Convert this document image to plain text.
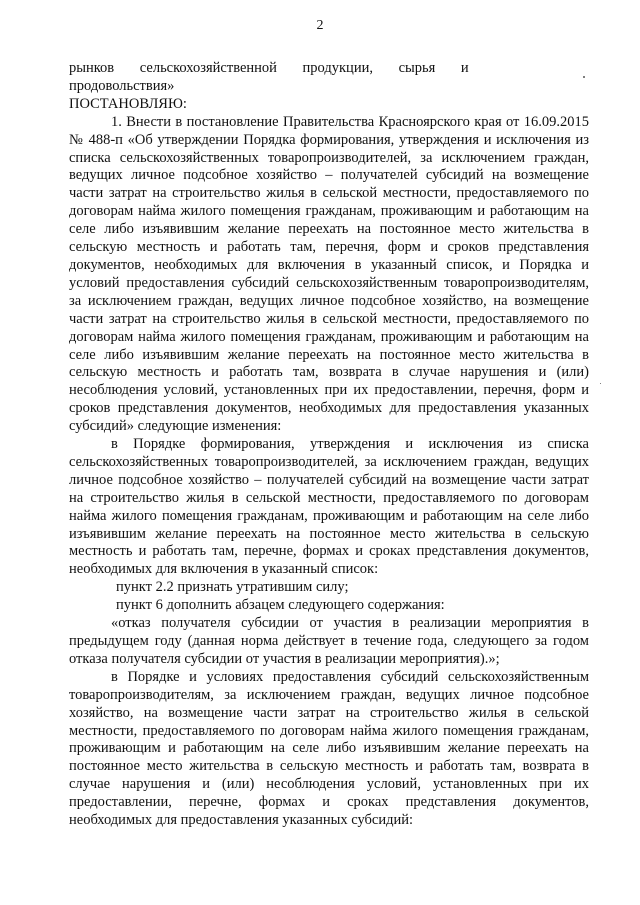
2

рынков сельскохозяйственной продукции, сырья и продовольствия»

ПОСТАНОВЛЯЮ:

1. Внести в постановление Правительства Красноярского края от 16.09.2015 № 488-п «Об утверждении Порядка формирования, утверждения и исключения из списка сельскохозяйственных товаропроизводителей, за исключением граждан, ведущих личное подсобное хозяйство – получателей субсидий на возмещение части затрат на строительство жилья в сельской местности, предоставляемого по договорам найма жилого помещения гражданам, проживающим и работающим на селе либо изъявившим желание переехать на постоянное место жительства в сельскую местность и работать там, перечня, форм и сроков представления документов, необходимых для включения в указанный список, и Порядка и условий предоставления субсидий сельскохозяйственным товаропроизводителям, за исключением граждан, ведущих личное подсобное хозяйство, на возмещение части затрат на строительство жилья в сельской местности, предоставляемого по договорам найма жилого помещения гражданам, проживающим и работающим на селе либо изъявившим желание переехать на постоянное место жительства в сельскую местность и работать там, возврата в случае нарушения и (или) несоблюдения условий, установленных при их предоставлении, перечня, форм и сроков представления документов, необходимых для предоставления указанных субсидий» следующие изменения:

в Порядке формирования, утверждения и исключения из списка сельскохозяйственных товаропроизводителей, за исключением граждан, ведущих личное подсобное хозяйство – получателей субсидий на возмещение части затрат на строительство жилья в сельской местности, предоставляемого по договорам найма жилого помещения гражданам, проживающим и работающим на селе либо изъявившим желание переехать на постоянное место жительства в сельскую местность и работать там, перечне, формах и сроках представления документов, необходимых для включения в указанный список:

пункт 2.2 признать утратившим силу;

пункт 6 дополнить абзацем следующего содержания:

«отказ получателя субсидии от участия в реализации мероприятия в предыдущем году (данная норма действует в течение года, следующего за годом отказа получателя субсидии от участия в реализации мероприятия).»;

в Порядке и условиях предоставления субсидий сельскохозяйственным товаропроизводителям, за исключением граждан, ведущих личное подсобное хозяйство, на возмещение части затрат на строительство жилья в сельской местности, предоставляемого по договорам найма жилого помещения гражданам, проживающим и работающим на селе либо изъявившим желание переехать на постоянное место жительства в сельскую местность и работать там, возврата в случае нарушения и (или) несоблюдения условий, установленных при их предоставлении, перечне, формах и сроках представления документов, необходимых для предоставления указанных субсидий:
